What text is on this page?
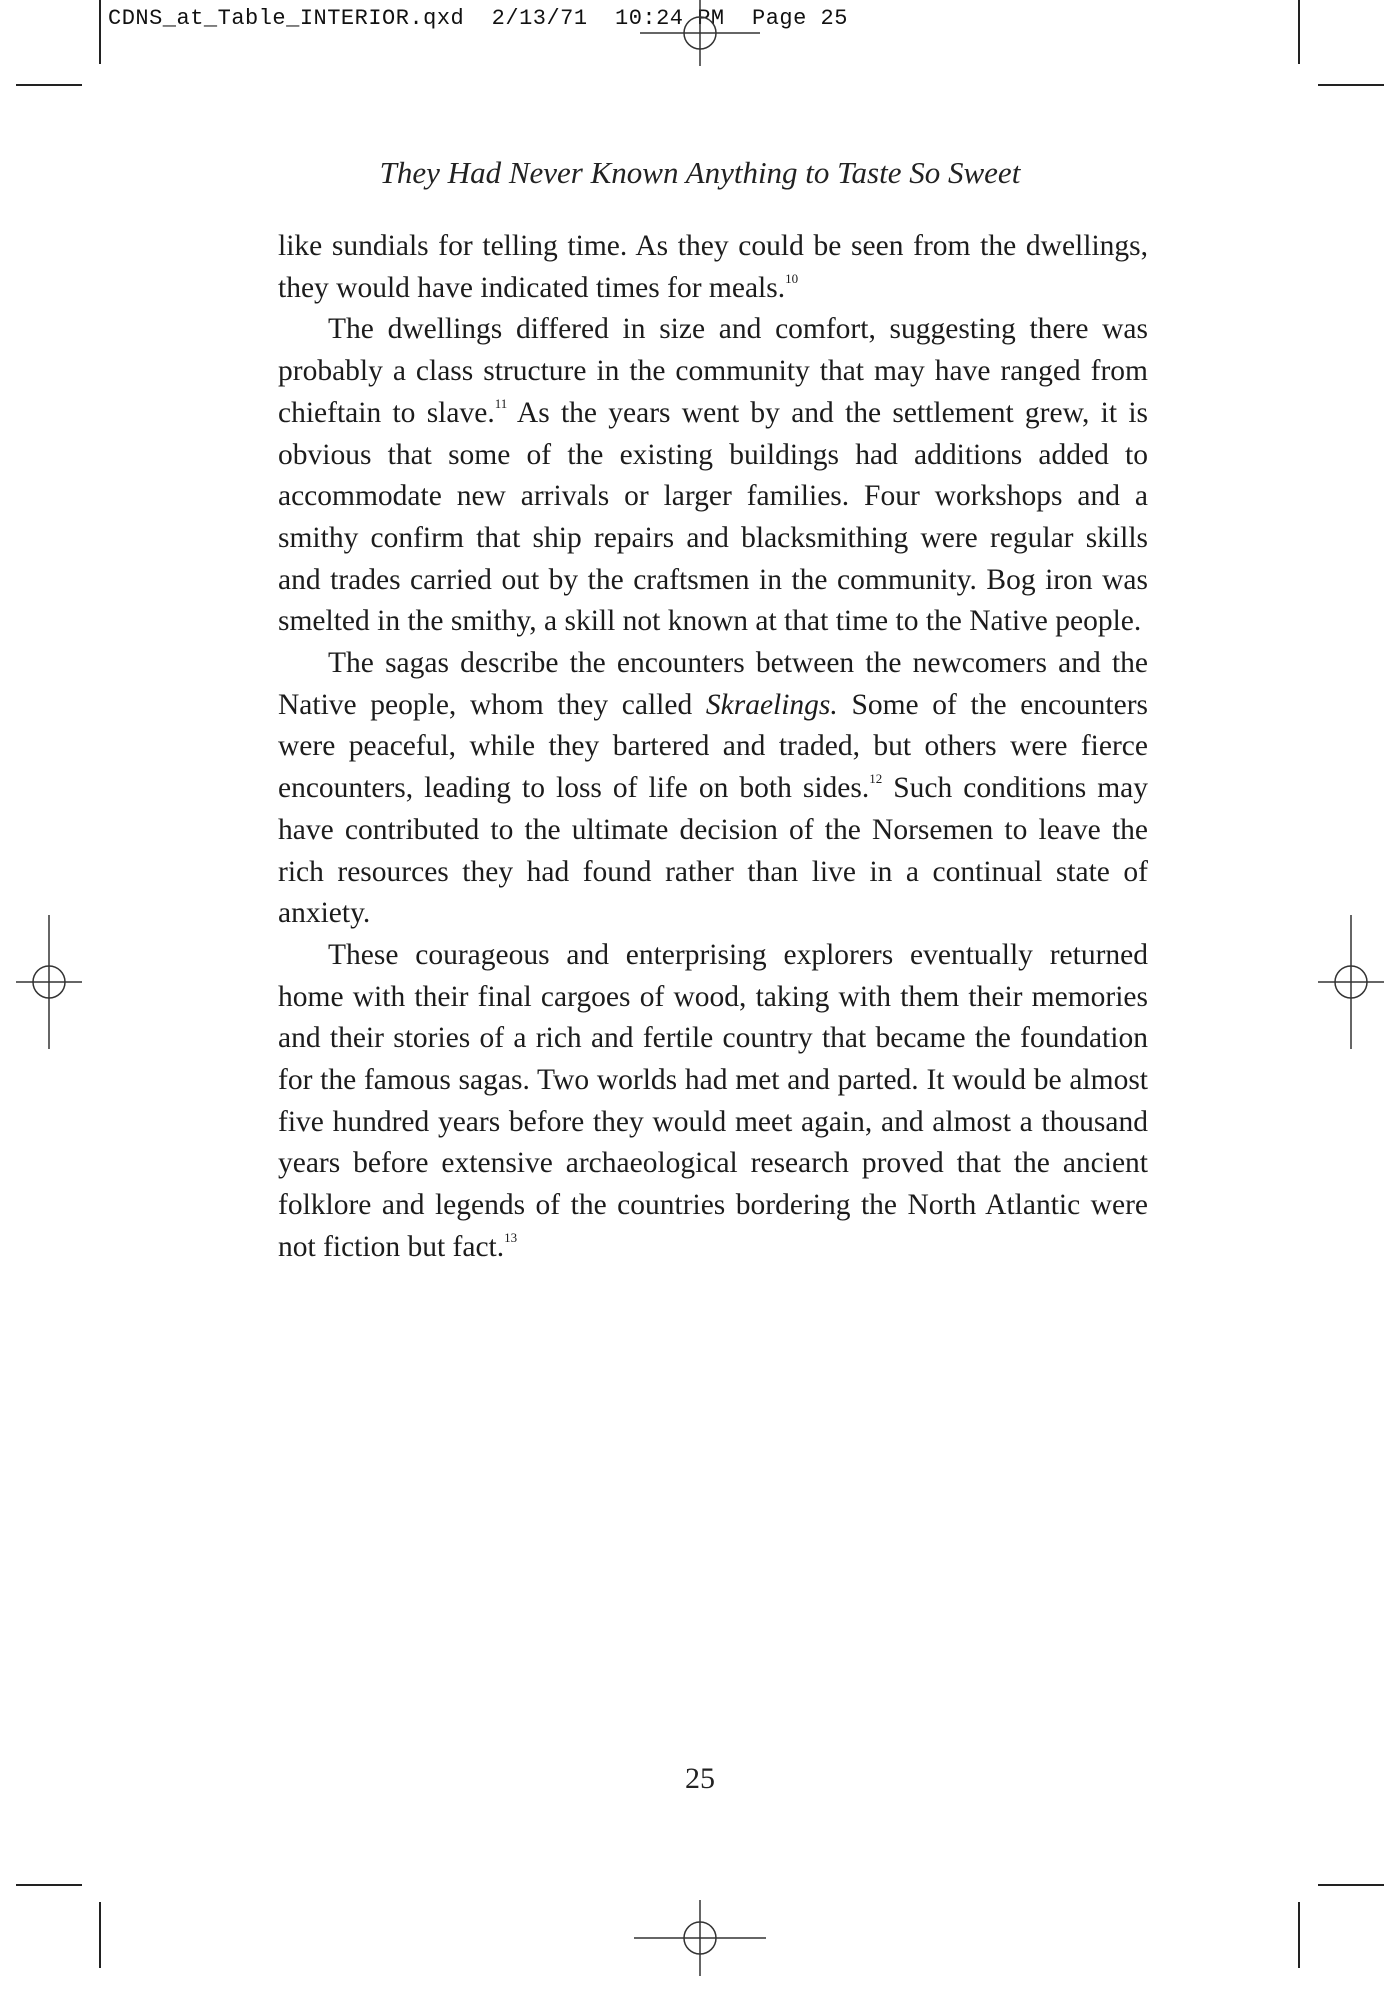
CDNS_at_Table_INTERIOR.qxd 2/13/71 10:24 PM Page 25
They Had Never Known Anything to Taste So Sweet

like sundials for telling time. As they could be seen from the dwellings, they would have indicated times for meals.$^{10}$

The dwellings differed in size and comfort, suggesting there was probably a class structure in the community that may have ranged from chieftain to slave.$^{11}$ As the years went by and the settlement grew, it is obvious that some of the existing buildings had additions added to accommodate new arrivals or larger families. Four workshops and a smithy confirm that ship repairs and blacksmithing were regular skills and trades carried out by the craftsmen in the community. Bog iron was smelted in the smithy, a skill not known at that time to the Native people.

The sagas describe the encounters between the newcomers and the Native people, whom they called Skraelings. Some of the encounters were peaceful, while they bartered and traded, but others were fierce encounters, leading to loss of life on both sides.$^{12}$ Such conditions may have contributed to the ultimate decision of the Norsemen to leave the rich resources they had found rather than live in a continual state of anxiety.

These courageous and enterprising explorers eventually returned home with their final cargoes of wood, taking with them their memories and their stories of a rich and fertile country that became the foundation for the famous sagas. Two worlds had met and parted. It would be almost five hundred years before they would meet again, and almost a thousand years before extensive archaeological research proved that the ancient folklore and legends of the countries bordering the North Atlantic were not fiction but fact.$^{13}$

25
